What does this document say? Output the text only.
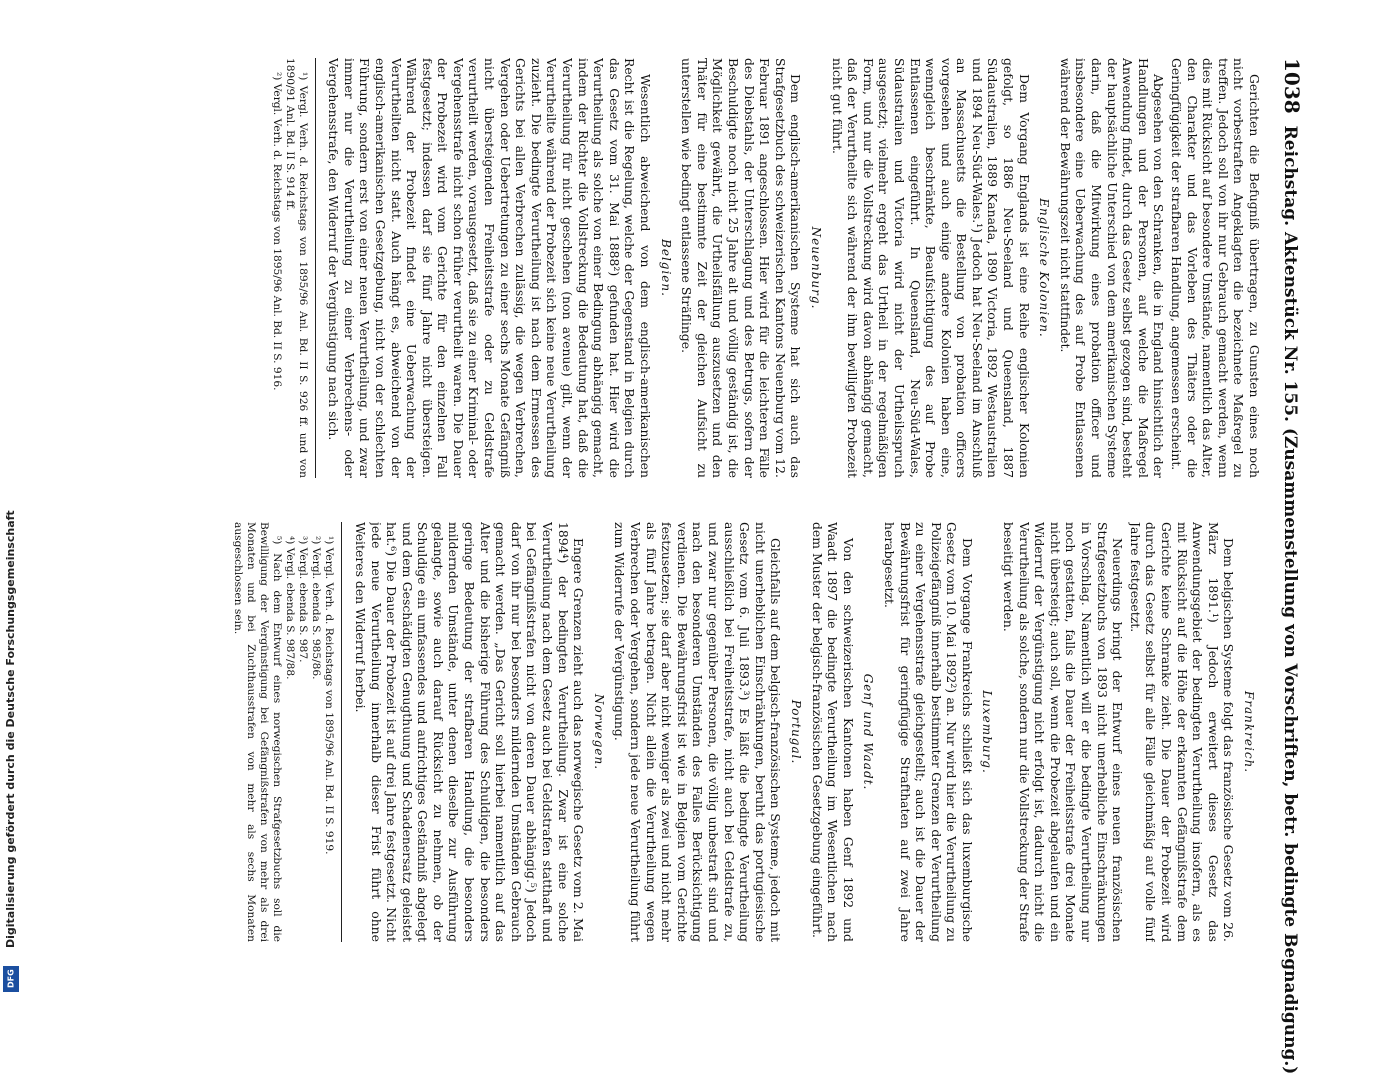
1038
Reichstag. Aktenstück Nr. 155. (Zusammenstellung von Vorschriften, betr. bedingte Begnadigung.)

Gerichten die Befugniß übertragen, zu Gunsten eines noch nicht vorbestraften Angeklagten die bezeichnete Maßregel zu treffen. Jedoch soll von ihr nur Gebrauch gemacht werden, wenn dies mit Rücksicht auf besondere Umstände, namentlich das Alter, den Charakter und das Vorleben des Thäters oder die Geringfügigkeit der strafbaren Handlung, angemessen erscheint.

Abgesehen von den Schranken, die in England hinsichtlich der Handlungen und der Personen, auf welche die Maßregel Anwendung findet, durch das Gesetz selbst gezogen sind, besteht der hauptsächliche Unterschied von dem amerikanischen Systeme darin, daß die Mitwirkung eines probation officer und insbesondere eine Ueberwachung des auf Probe Entlassenen während der Bewährungszeit nicht stattfindet.

Englische Kolonien.

Dem Vorgang Englands ist eine Reihe englischer Kolonien gefolgt, so 1886 Neu-Seeland und Queensland, 1887 Südaustralien, 1889 Kanada, 1890 Victoria, 1892 Westaustralien und 1894 Neu-Süd-Wales.¹) Jedoch hat Neu-Seeland im Anschluß an Massachusetts die Bestellung von probation officers vorgesehen und auch einige andere Kolonien haben eine, wenngleich beschränkte, Beaufsichtigung des auf Probe Entlassenen eingeführt. In Queensland, Neu-Süd-Wales, Südaustralien und Victoria wird nicht der Urtheilsspruch ausgesetzt; vielmehr ergeht das Urtheil in der regelmäßigen Form, und nur die Vollstreckung wird davon abhängig gemacht, daß der Verurtheilte sich während der ihm bewilligten Probezeit nicht gut führt.

Neuenburg.

Dem englisch-amerikanischen Systeme hat sich auch das Strafgesetzbuch des schweizerischen Kantons Neuenburg vom 12. Februar 1891 angeschlossen. Hier wird für die leichteren Fälle des Diebstahls, der Unterschlagung und des Betrugs, sofern der Beschuldigte noch nicht 25 Jahre alt und völlig geständig ist, die Möglichkeit gewährt, die Urtheilsfällung auszusetzen und den Thäter für eine bestimmte Zeit der gleichen Aufsicht zu unterstellen wie bedingt entlassene Sträflinge.

Belgien.

Wesentlich abweichend von dem englisch-amerikanischen Recht ist die Regelung, welche der Gegenstand in Belgien durch das Gesetz vom 31. Mai 1888²) gefunden hat. Hier wird die Verurtheilung als solche von einer Bedingung abhängig gemacht, indem der Richter die Vollstreckung die Bedeutung hat, daß die Verurtheilung für nicht geschehen (non avenue) gilt, wenn der Verurtheilte während der Probezeit sich keine neue Verurtheilung zuzieht. Die bedingte Verurtheilung ist nach dem Ermessen des Gerichts bei allen Verbrechen zulässig, die wegen Verbrechen, Vergehen oder Uebertretungen zu einer sechs Monate Gefängniß nicht übersteigenden Freiheitsstrafe oder zu Geldstrafe verurtheilt werden, vorausgesetzt, daß sie zu einer Kriminal- oder Vergehensstrafe nicht schon früher verurtheilt waren. Die Dauer der Probezeit wird vom Gerichte für den einzelnen Fall festgesetzt; indessen darf sie fünf Jahre nicht übersteigen. Während der Probezeit findet eine Ueberwachung der Verurtheilten nicht statt. Auch hängt es, abweichend von der englisch-amerikanischen Gesetzgebung, nicht von der schlechten Führung, sondern erst von einer neuen Verurtheilung, und zwar immer nur die Verurtheilung zu einer Verbrechens- oder Vergehensstrafe, den Widerruf der Vergünstigung nach sich.

¹) Vergl. Verh. d. Reichstags von 1895/96 Anl. Bd. II S. 926 ff. und von 1890/91 Anl. Bd. II S. 914 ff.
²) Vergl. Verh. d. Reichstags von 1895/96 Anl. Bd. II S. 916.
Frankreich.

Dem belgischen Systeme folgt das französische Gesetz vom 26. März 1891.¹) Jedoch erweitert dieses Gesetz das Anwendungsgebiet der bedingten Verurtheilung insofern, als es mit Rücksicht auf die Höhe der erkannten Gefängnißstrafe dem Gerichte keine Schranke zieht. Die Dauer der Probezeit wird durch das Gesetz selbst für alle Fälle gleichmäßig auf volle fünf Jahre festgesetzt.

Neuerdings bringt der Entwurf eines neuen französischen Strafgesetzbuchs von 1893 nicht unerhebliche Einschränkungen in Vorschlag. Namentlich will er die bedingte Verurtheilung nur noch gestatten, falls die Dauer der Freiheitsstrafe drei Monate nicht übersteigt; auch soll, wenn die Probezeit abgelaufen und ein Widerruf der Vergünstigung nicht erfolgt ist, dadurch nicht die Verurtheilung als solche, sondern nur die Vollstreckung der Strafe beseitigt werden.

Luxemburg.

Dem Vorgange Frankreichs schließt sich das luxemburgische Gesetz vom 10. Mai 1892²) an. Nur wird hier die Verurtheilung zu Polizeigefängniß innerhalb bestimmter Grenzen der Verurtheilung zu einer Vergehensstrafe gleichgestellt; auch ist die Dauer der Bewährungsfrist für geringfügige Strafthaten auf zwei Jahre herabgesetzt.

Genf und Waadt.

Von den schweizerischen Kantonen haben Genf 1892 und Waadt 1897 die bedingte Verurtheilung im Wesentlichen nach dem Muster der belgisch-französischen Gesetzgebung eingeführt.

Portugal.

Gleichfalls auf dem belgisch-französischen Systeme, jedoch mit nicht unerheblichen Einschränkungen, beruht das portugiesische Gesetz vom 6. Juli 1893.³) Es läßt die bedingte Verurtheilung ausschließlich bei Freiheitsstrafe, nicht auch bei Geldstrafe zu, und zwar nur gegenüber Personen, die völlig unbestraft sind und nach den besonderen Umständen des Falles Berücksichtigung verdienen. Die Bewährungsfrist ist wie in Belgien vom Gerichte festzusetzen; sie darf aber nicht weniger als zwei und nicht mehr als fünf Jahre betragen. Nicht allein die Verurtheilung wegen Verbrechen oder Vergehen, sondern jede neue Verurtheilung führt zum Widerrufe der Vergünstigung.

Norwegen.

Engere Grenzen zieht auch das norwegische Gesetz vom 2. Mai 1894⁴) der bedingten Verurtheilung. Zwar ist eine solche Verurtheilung nach dem Gesetz auch bei Geldstrafen statthaft und bei Gefängnißstrafen nicht von deren Dauer abhängig.⁵) Jedoch darf von ihr nur bei besonders mildernden Umständen Gebrauch gemacht werden. „Das Gericht soll hierbei namentlich auf das Alter und die bisherige Führung des Schuldigen, die besonders geringe Bedeutung der strafbaren Handlung, die besonders mildernden Umstände, unter denen dieselbe zur Ausführung gelangte, sowie auch darauf Rücksicht zu nehmen, ob der Schuldige ein umfassendes und aufrichtiges Geständniß abgelegt und dem Geschädigten Genugthuung und Schadenersatz geleistet hat.⁶) Die Dauer der Probezeit ist auf drei Jahre festgesetzt. Nicht jede neue Verurtheilung innerhalb dieser Frist führt ohne Weiteres den Widerruf herbei.

¹) Vergl. Verh. d. Reichstags von 1895/96 Anl. Bd. II S. 919.
²) Vergl. ebenda S. 985/86.
³) Vergl. ebenda S. 987.
⁴) Vergl. ebenda S. 987/88.
⁵) Nach dem Entwurf eines norwegischen Strafgesetzbuchs soll die Bewilligung der Vergünstigung bei Gefängnißstrafen von mehr als drei Monaten und bei Zuchthausstrafen von mehr als sechs Monaten ausgeschlossen sein.
Digitalisierung gefördert durch die Deutsche Forschungsgemeinschaft
DFG
